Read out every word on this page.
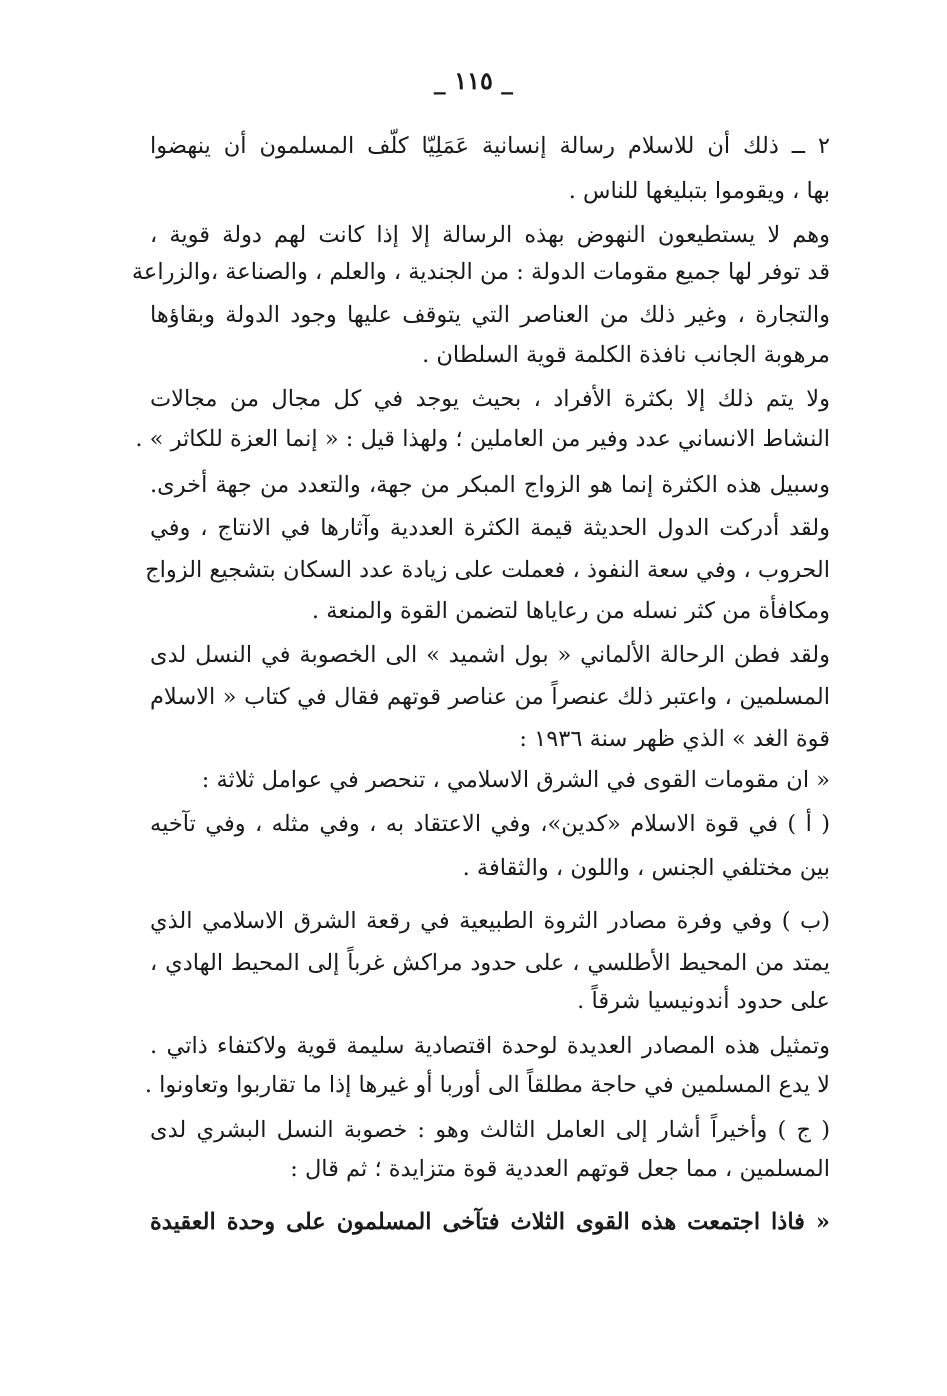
_ ١١٥ _
٢ ــ ذلك أن للاسلام رسالة إنسانية عَمَلِيّا كلّف المسلمون أن ينهضوا
بها ، ويقوموا بتبليغها للناس .
وهم لا يستطيعون النهوض بهذه الرسالة إلا إذا كانت لهم دولة قوية ،
قد توفر لها جميع مقومات الدولة : من الجندية ، والعلم ، والصناعة ،والزراعة
والتجارة ، وغير ذلك من العناصر التي يتوقف عليها وجود الدولة وبقاؤها
مرهوبة الجانب نافذة الكلمة قوية السلطان .
ولا يتم ذلك إلا بكثرة الأفراد ، بحيث يوجد في كل مجال من مجالات
النشاط الانساني عدد وفير من العاملين ؛ ولهذا قيل : « إنما العزة للكاثر » .
وسبيل هذه الكثرة إنما هو الزواج المبكر من جهة، والتعدد من جهة أخرى.
ولقد أدركت الدول الحديثة قيمة الكثرة العددية وآثارها في الانتاج ، وفي
الحروب ، وفي سعة النفوذ ، فعملت على زيادة عدد السكان بتشجيع الزواج
ومكافأة من كثر نسله من رعاياها لتضمن القوة والمنعة .
ولقد فطن الرحالة الألماني « بول اشميد » الى الخصوبة في النسل لدى
المسلمين ، واعتبر ذلك عنصراً من عناصر قوتهم فقال في كتاب « الاسلام
قوة الغد » الذي ظهر سنة ١٩٣٦ :
« ان مقومات القوى في الشرق الاسلامي ، تنحصر في عوامل ثلاثة :
( أ ) في قوة الاسلام «كدين»، وفي الاعتقاد به ، وفي مثله ، وفي تآخيه
بين مختلفي الجنس ، واللون ، والثقافة .
(ب ) وفي وفرة مصادر الثروة الطبيعية في رقعة الشرق الاسلامي الذي
يمتد من المحيط الأطلسي ، على حدود مراكش غرباً إلى المحيط الهادي ،
على حدود أندونيسيا شرقاً .
وتمثيل هذه المصادر العديدة لوحدة اقتصادية سليمة قوية ولاكتفاء ذاتي .
لا يدع المسلمين في حاجة مطلقاً الى أوربا أو غيرها إذا ما تقاربوا وتعاونوا .
( ج ) وأخيراً أشار إلى العامل الثالث وهو : خصوبة النسل البشري لدى
المسلمين ، مما جعل قوتهم العددية قوة متزايدة ؛ ثم قال :
« فاذا اجتمعت هذه القوى الثلاث فتآخى المسلمون على وحدة العقيدة
